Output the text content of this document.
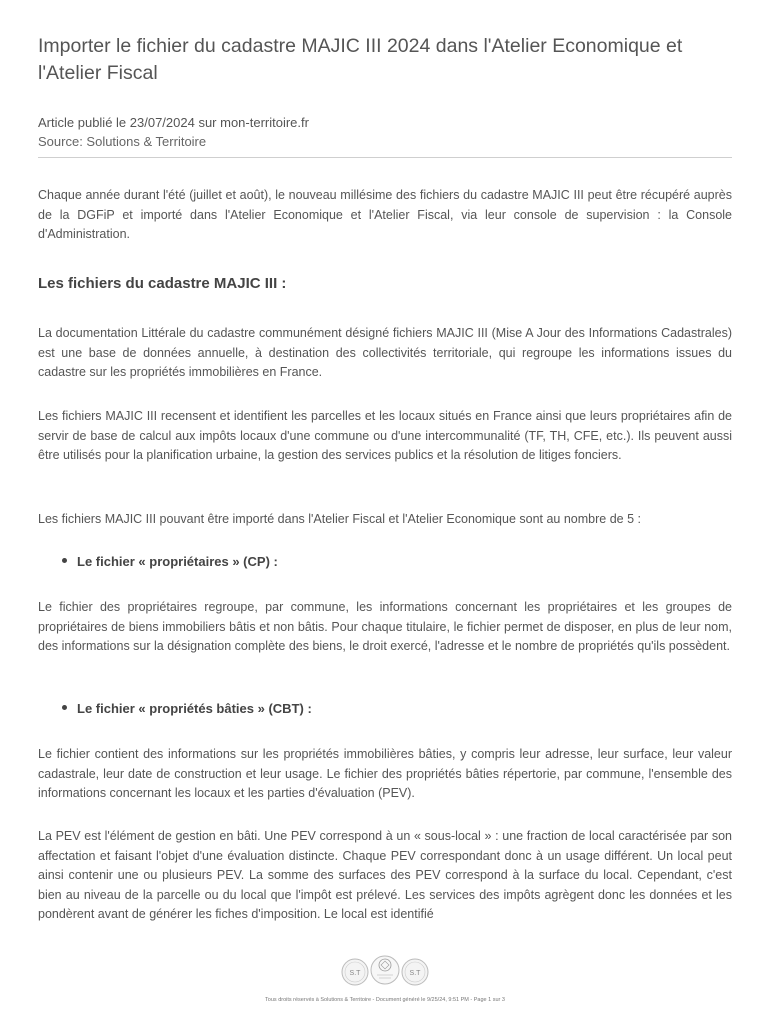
Importer le fichier du cadastre MAJIC III 2024 dans l'Atelier Economique et l'Atelier Fiscal
Article publié le 23/07/2024 sur mon-territoire.fr
Source: Solutions & Territoire

Chaque année durant l'été (juillet et août), le nouveau millésime des fichiers du cadastre MAJIC III peut être récupéré auprès de la DGFiP et importé dans l'Atelier Economique et l'Atelier Fiscal, via leur console de supervision : la Console d'Administration.

Les fichiers du cadastre MAJIC III :

La documentation Littérale du cadastre communément désigné fichiers MAJIC III (Mise A Jour des Informations Cadastrales) est une base de données annuelle, à destination des collectivités territoriale, qui regroupe les informations issues du cadastre sur les propriétés immobilières en France.

Les fichiers MAJIC III recensent et identifient les parcelles et les locaux situés en France ainsi que leurs propriétaires afin de servir de base de calcul aux impôts locaux d'une commune ou d'une intercommunalité (TF, TH, CFE, etc.). Ils peuvent aussi être utilisés pour la planification urbaine, la gestion des services publics et la résolution de litiges fonciers.

Les fichiers MAJIC III pouvant être importé dans l'Atelier Fiscal et l'Atelier Economique sont au nombre de 5 :

Le fichier « propriétaires » (CP) :

Le fichier des propriétaires regroupe, par commune, les informations concernant les propriétaires et les groupes de propriétaires de biens immobiliers bâtis et non bâtis. Pour chaque titulaire, le fichier permet de disposer, en plus de leur nom, des informations sur la désignation complète des biens, le droit exercé, l'adresse et le nombre de propriétés qu'ils possèdent.

Le fichier « propriétés bâties » (CBT) :

Le fichier contient des informations sur les propriétés immobilières bâties, y compris leur adresse, leur surface, leur valeur cadastrale, leur date de construction et leur usage. Le fichier des propriétés bâties répertorie, par commune, l'ensemble des informations concernant les locaux et les parties d'évaluation (PEV).

La PEV est l'élément de gestion en bâti. Une PEV correspond à un « sous-local » : une fraction de local caractérisée par son affectation et faisant l'objet d'une évaluation distincte. Chaque PEV correspondant donc à un usage différent. Un local peut ainsi contenir une ou plusieurs PEV. La somme des surfaces des PEV correspond à la surface du local. Cependant, c'est bien au niveau de la parcelle ou du local que l'impôt est prélevé. Les services des impôts agrègent donc les données et les pondèrent avant de générer les fiches d'imposition. Le local est identifié

S.T	S.T
Tous droits réservés à Solutions & Territoire - Document généré le 9/25/24, 9:51 PM - Page 1 sur 3
